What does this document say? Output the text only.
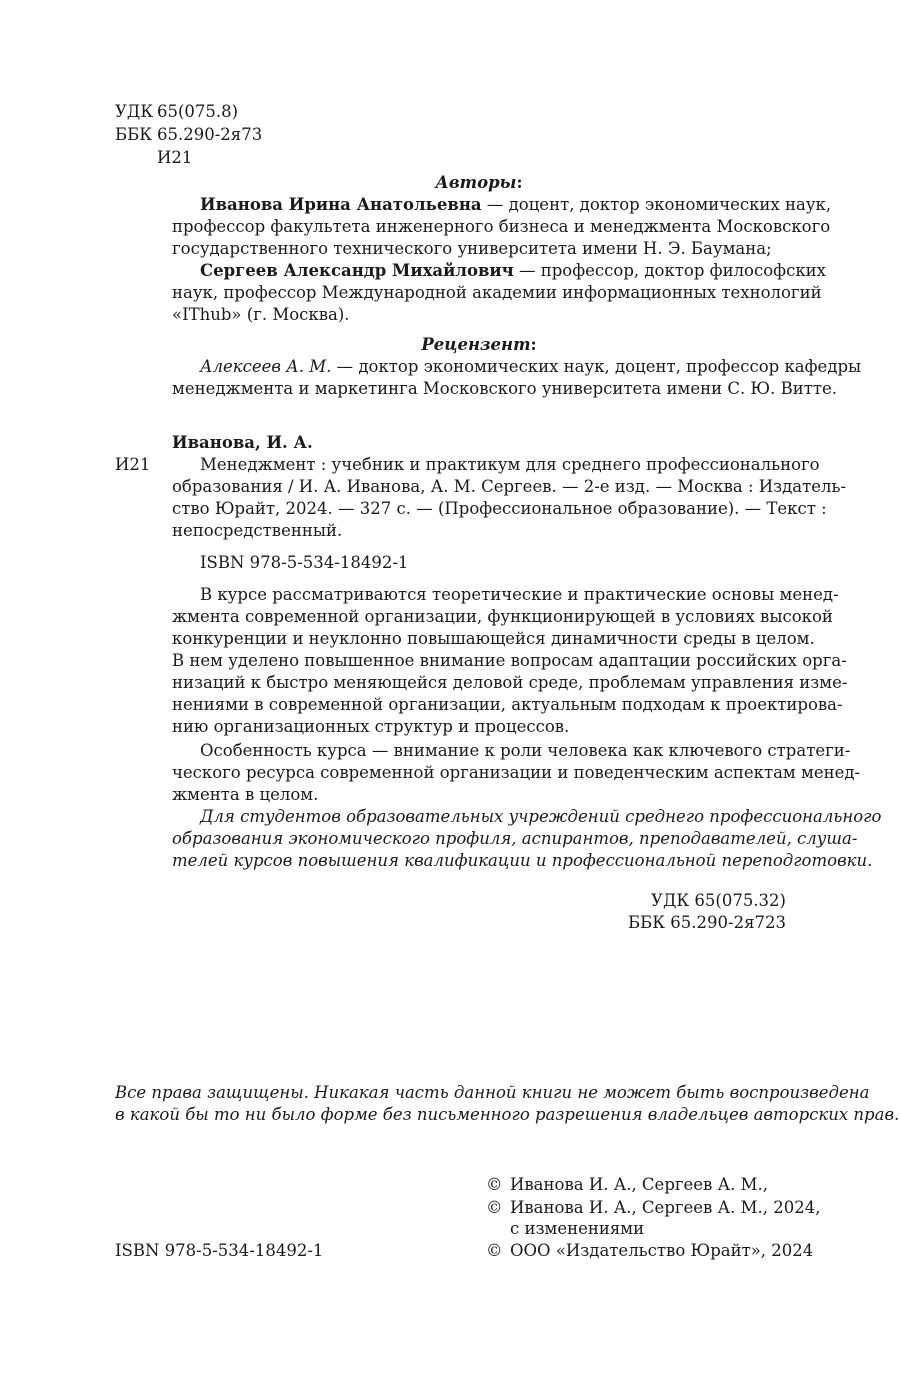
УДК 65(075.8)
ББК 65.290-2я73
И21
Авторы:
Иванова Ирина Анатольевна — доцент, доктор экономических наук,
профессор факультета инженерного бизнеса и менеджмента Московского
государственного технического университета имени Н. Э. Баумана;
Сергеев Александр Михайлович — профессор, доктор философских
наук, профессор Международной академии информационных технологий
«IThub» (г. Москва).
Рецензент:
Алексеев А. М. — доктор экономических наук, доцент, профессор кафедры
менеджмента и маркетинга Московского университета имени С. Ю. Витте.
Иванова, И. А.
И21	Менеджмент : учебник и практикум для среднего профессионального
образования / И. А. Иванова, А. М. Сергеев. — 2-е изд. — Москва : Издатель-
ство Юрайт, 2024. — 327 с. — (Профессиональное образование). — Текст :
непосредственный.
ISBN 978-5-534-18492-1
В курсе рассматриваются теоретические и практические основы менед-
жмента современной организации, функционирующей в условиях высокой
конкуренции и неуклонно повышающейся динамичности среды в целом.
В нем уделено повышенное внимание вопросам адаптации российских орга-
низаций к быстро меняющейся деловой среде, проблемам управления изме-
нениями в современной организации, актуальным подходам к проектирова-
нию организационных структур и процессов.
Особенность курса — внимание к роли человека как ключевого стратеги-
ческого ресурса современной организации и поведенческим аспектам менед-
жмента в целом.
Для студентов образовательных учреждений среднего профессионального
образования экономического профиля, аспирантов, преподавателей, слуша-
телей курсов повышения квалификации и профессиональной переподготовки.
УДК 65(075.32)
ББК 65.290-2я723
Все права защищены. Никакая часть данной книги не может быть воспроизведена
в какой бы то ни было форме без письменного разрешения владельцев авторских прав.
© Иванова И. А., Сергеев А. М.,
© Иванова И. А., Сергеев А. М., 2024,
с изменениями
© ООО «Издательство Юрайт», 2024
ISBN 978-5-534-18492-1
